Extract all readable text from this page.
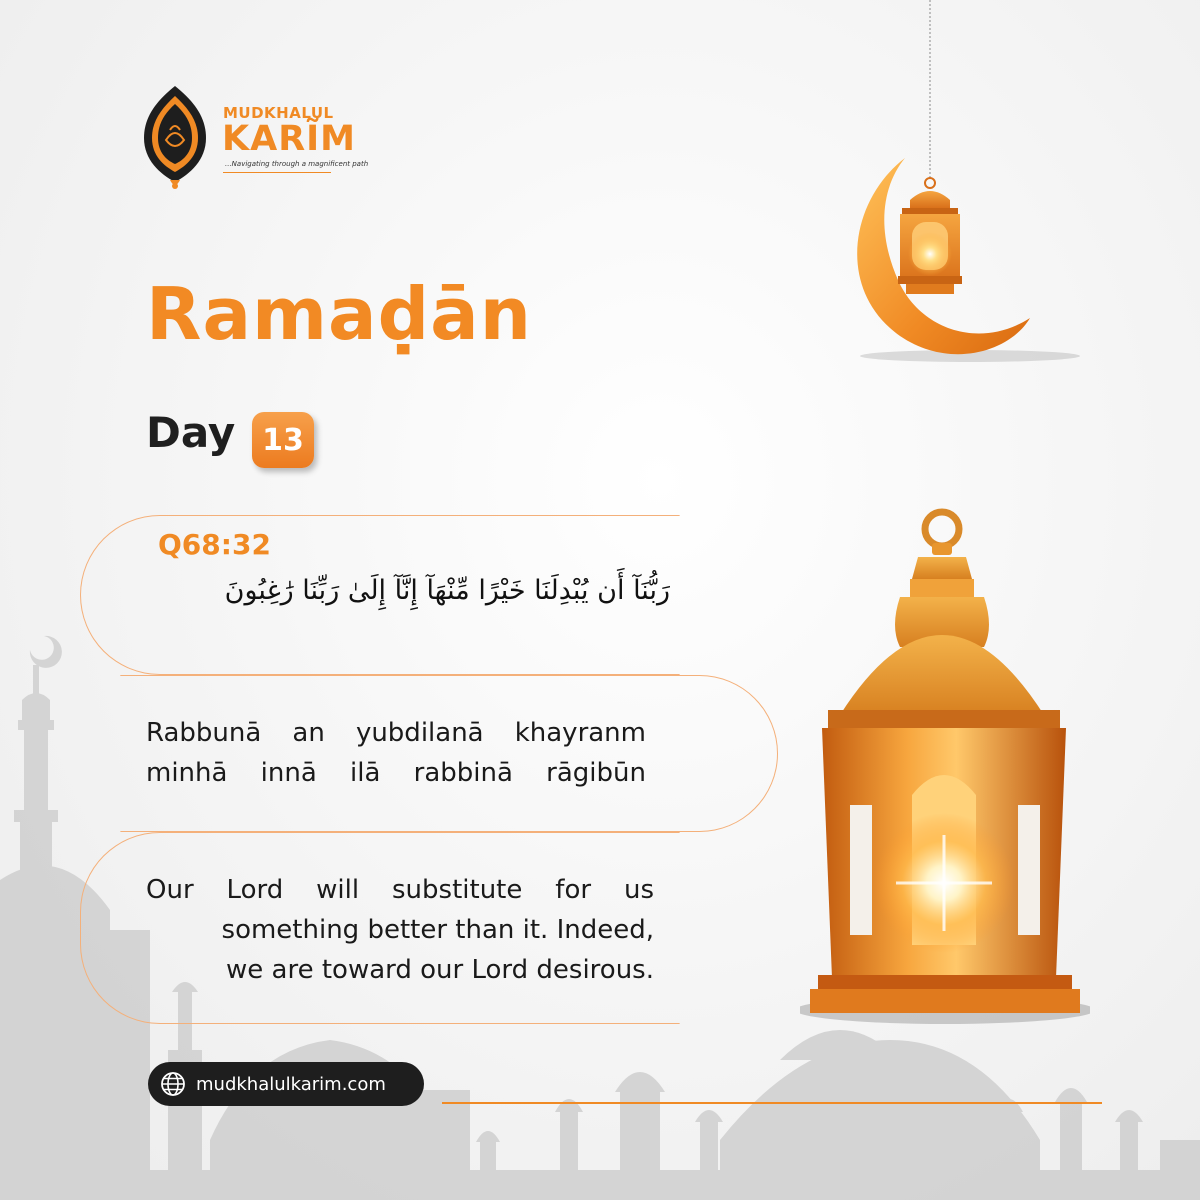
MUDKHALUL
KARĨM
...Navigating through a magnificent path
Ramaḍān
Day 13
Q68:32
رَبُّنَآ أَن يُبْدِلَنَا خَيْرًا مِّنْهَآ إِنَّآ إِلَىٰ رَبِّنَا رَٰغِبُونَ
Rabbunā an yubdilanā khayranm minhā innā ilā rabbinā rāgibūn
Our Lord will substitute for us
something better than it. Indeed,
we are toward our Lord desirous.
mudkhalulkarim.com
